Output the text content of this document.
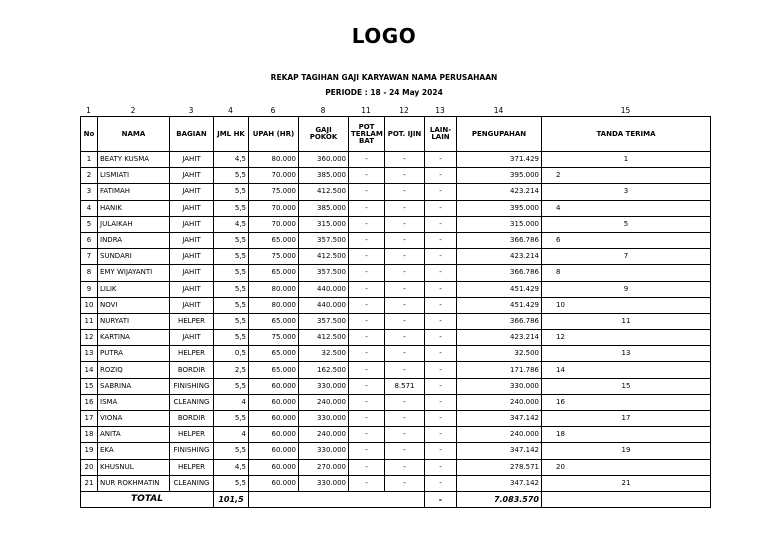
LOGO
REKAP TAGIHAN GAJI KARYAWAN NAMA PERUSAHAAN
PERIODE : 18 - 24 May 2024
1	2	3	4	6	8	11	12	13	14	15
No	NAMA	BAGIAN	JML HK	UPAH (HR)	GAJI POKOK	POT TERLAM BAT	POT. IJIN	LAIN-LAIN	PENGUPAHAN	TANDA TERIMA
1	BEATY KUSMA	JAHIT	4,5	80.000	360.000	-	-	-	371.429	1

2	LISMIATI	JAHIT	5,5	70.000	385.000	-	-	-	395.000	2
3	FATIMAH	JAHIT	5,5	75.000	412.500	-	-	-	423.214	3

4	HANIK	JAHIT	5,5	70.000	385.000	-	-	-	395.000	4
5	JULAIKAH	JAHIT	4,5	70.000	315.000	-	-	-	315.000	5

6	INDRA	JAHIT	5,5	65.000	357.500	-	-	-	366.786	6
7	SUNDARI	JAHIT	5,5	75.000	412.500	-	-	-	423.214	7

8	EMY WIJAYANTI	JAHIT	5,5	65.000	357.500	-	-	-	366.786	8
9	LILIK	JAHIT	5,5	80.000	440.000	-	-	-	451.429	9

10	NOVI	JAHIT	5,5	80.000	440.000	-	-	-	451.429	10
11	NURYATI	HELPER	5,5	65.000	357.500	-	-	-	366.786	11

12	KARTINA	JAHIT	5,5	75.000	412.500	-	-	-	423.214	12
13	PUTRA	HELPER	0,5	65.000	32.500	-	-	-	32.500	13

14	ROZIQ	BORDIR	2,5	65.000	162.500	-	-	-	171.786	14
15	SABRINA	FINISHING	5,5	60.000	330.000	-	8.571	-	330.000	15

16	ISMA	CLEANING	4	60.000	240.000	-	-	-	240.000	16
17	VIONA	BORDIR	5,5	60.000	330.000	-	-	-	347.142	17

18	ANITA	HELPER	4	60.000	240.000	-	-	-	240.000	18
19	EKA	FINISHING	5,5	60.000	330.000	-	-	-	347.142	19

20	KHUSNUL	HELPER	4,5	60.000	270.000	-	-	-	278.571	20
21	NUR ROKHMATIN	CLEANING	5,5	60.000	330.000	-	-	-	347.142	21

TOTAL			101,5					-	7.083.570	
